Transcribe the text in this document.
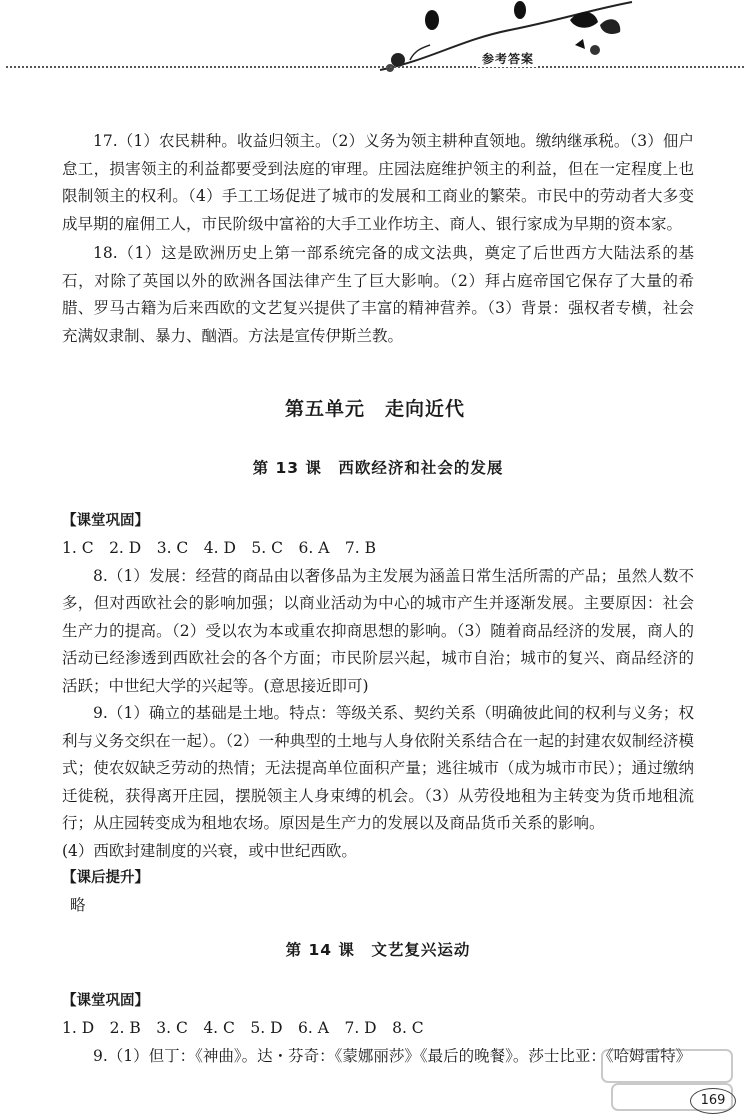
参考答案

17.（1）农民耕种。收益归领主。（2）义务为领主耕种直领地。缴纳继承税。（3）佃户怠工，损害领主的利益都要受到法庭的审理。庄园法庭维护领主的利益，但在一定程度上也限制领主的权利。（4）手工工场促进了城市的发展和工商业的繁荣。市民中的劳动者大多变成早期的雇佣工人，市民阶级中富裕的大手工业作坊主、商人、银行家成为早期的资本家。

18.（1）这是欧洲历史上第一部系统完备的成文法典，奠定了后世西方大陆法系的基石，对除了英国以外的欧洲各国法律产生了巨大影响。（2）拜占庭帝国它保存了大量的希腊、罗马古籍为后来西欧的文艺复兴提供了丰富的精神营养。（3）背景：强权者专横，社会充满奴隶制、暴力、酗酒。方法是宣传伊斯兰教。

第五单元　走向近代
第 13 课　西欧经济和社会的发展
【课堂巩固】

1. C　2. D　3. C　4. D　5. C　6. A　7. B

8.（1）发展：经营的商品由以奢侈品为主发展为涵盖日常生活所需的产品；虽然人数不多，但对西欧社会的影响加强；以商业活动为中心的城市产生并逐渐发展。主要原因：社会生产力的提高。（2）受以农为本或重农抑商思想的影响。（3）随着商品经济的发展，商人的活动已经渗透到西欧社会的各个方面；市民阶层兴起，城市自治；城市的复兴、商品经济的活跃；中世纪大学的兴起等。(意思接近即可)

9.（1）确立的基础是土地。特点：等级关系、契约关系（明确彼此间的权利与义务；权利与义务交织在一起）。（2）一种典型的土地与人身依附关系结合在一起的封建农奴制经济模式；使农奴缺乏劳动的热情；无法提高单位面积产量；逃往城市（成为城市市民）；通过缴纳迁徙税，获得离开庄园，摆脱领主人身束缚的机会。（3）从劳役地租为主转变为货币地租流行；从庄园转变成为租地农场。原因是生产力的发展以及商品货币关系的影响。

(4）西欧封建制度的兴衰，或中世纪西欧。

【课后提升】

略

第 14 课　文艺复兴运动
【课堂巩固】

1. D　2. B　3. C　4. C　5. D　6. A　7. D　8. C

9.（1）但丁：《神曲》。达・芬奇：《蒙娜丽莎》《最后的晚餐》。莎士比亚：《哈姆雷特》

169
